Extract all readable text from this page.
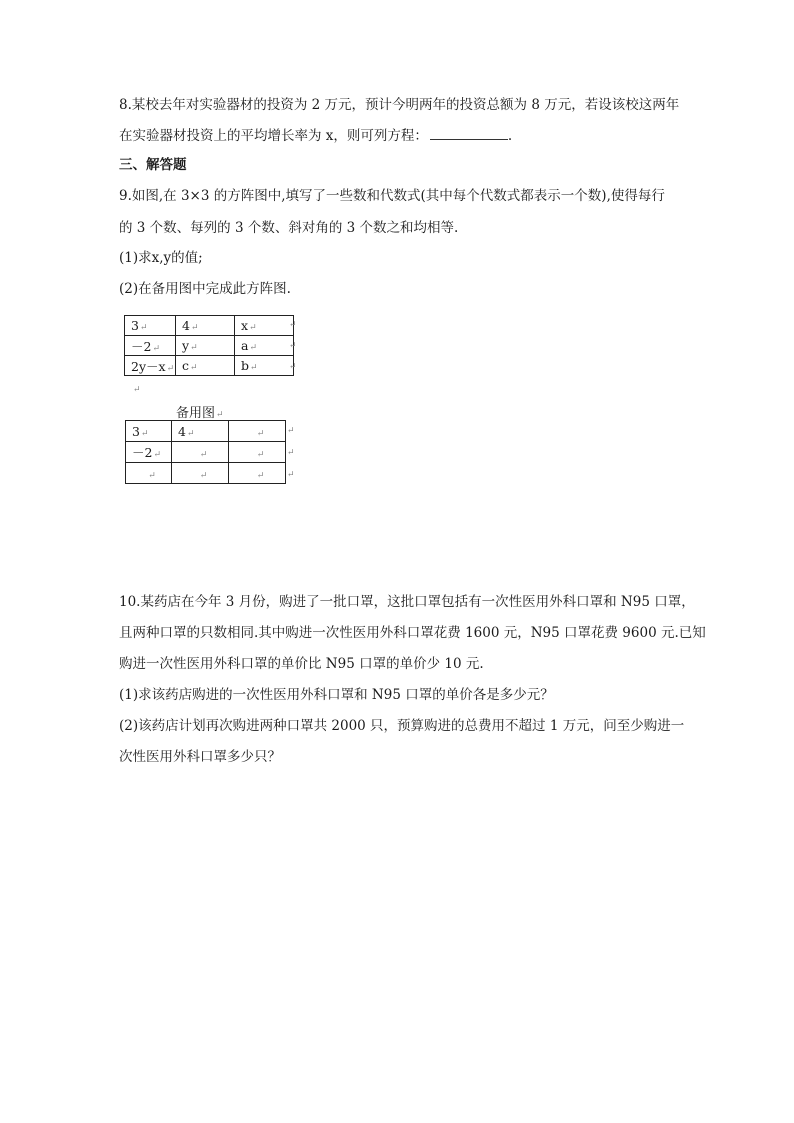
8.某校去年对实验器材的投资为 2 万元，预计今明两年的投资总额为 8 万元，若设该校这两年
在实验器材投资上的平均增长率为 x，则可列方程：	.
三、解答题
9.如图,在 3×3 的方阵图中,填写了一些数和代数式(其中每个代数式都表示一个数),使得每行
的 3 个数、每列的 3 个数、斜对角的 3 个数之和均相等.
(1)求x,y的值;
(2)在备用图中完成此方阵图.
3↵	4↵	x↵
－2↵	y↵	a↵
2y－x↵	c↵	b↵
↵
↵
↵
↵
备用图↵
3↵	4↵	↵
－2↵	↵	↵
↵	↵	↵
↵
↵
↵
10.某药店在今年 3 月份，购进了一批口罩，这批口罩包括有一次性医用外科口罩和 N95 口罩，
且两种口罩的只数相同.其中购进一次性医用外科口罩花费 1600 元，N95 口罩花费 9600 元.已知
购进一次性医用外科口罩的单价比 N95 口罩的单价少 10 元.
(1)求该药店购进的一次性医用外科口罩和 N95 口罩的单价各是多少元？
(2)该药店计划再次购进两种口罩共 2000 只，预算购进的总费用不超过 1 万元，问至少购进一
次性医用外科口罩多少只？
